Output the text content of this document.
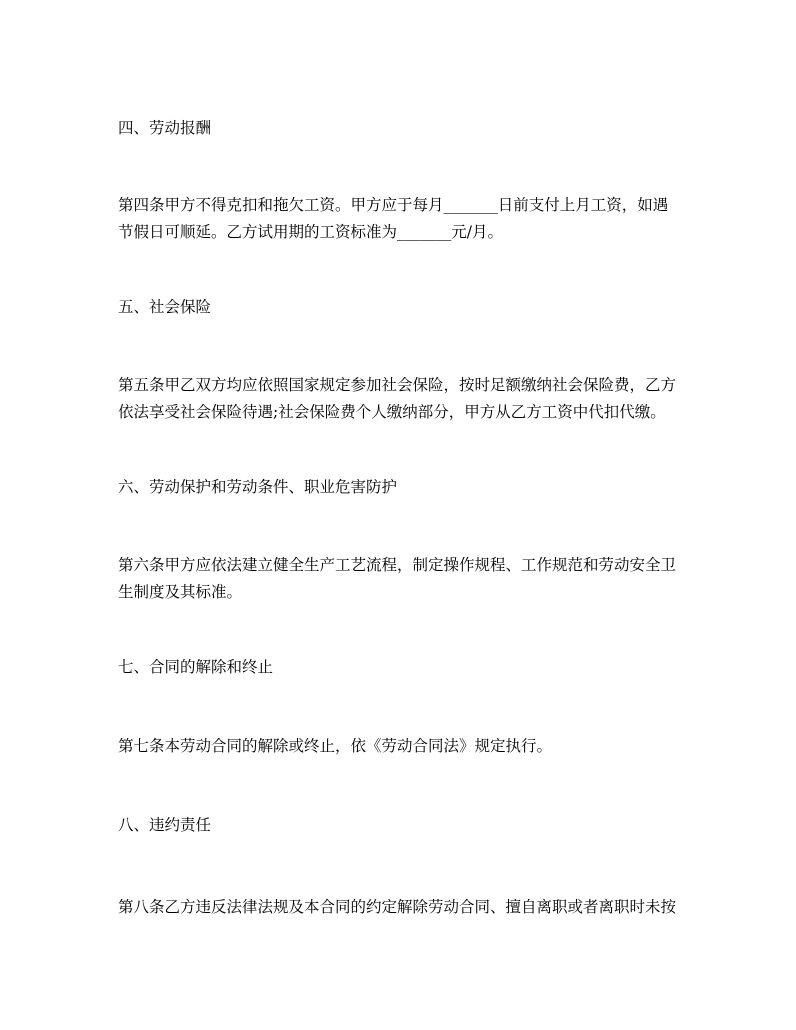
四、劳动报酬
第四条甲方不得克扣和拖欠工资。甲方应于每月_______日前支付上月工资，如遇
节假日可顺延。乙方试用期的工资标准为_______元/月。
五、社会保险
第五条甲乙双方均应依照国家规定参加社会保险，按时足额缴纳社会保险费，乙方
依法享受社会保险待遇;社会保险费个人缴纳部分，甲方从乙方工资中代扣代缴。
六、劳动保护和劳动条件、职业危害防护
第六条甲方应依法建立健全生产工艺流程，制定操作规程、工作规范和劳动安全卫
生制度及其标准。
七、合同的解除和终止
第七条本劳动合同的解除或终止，依《劳动合同法》规定执行。
八、违约责任
第八条乙方违反法律法规及本合同的约定解除劳动合同、擅自离职或者离职时未按
